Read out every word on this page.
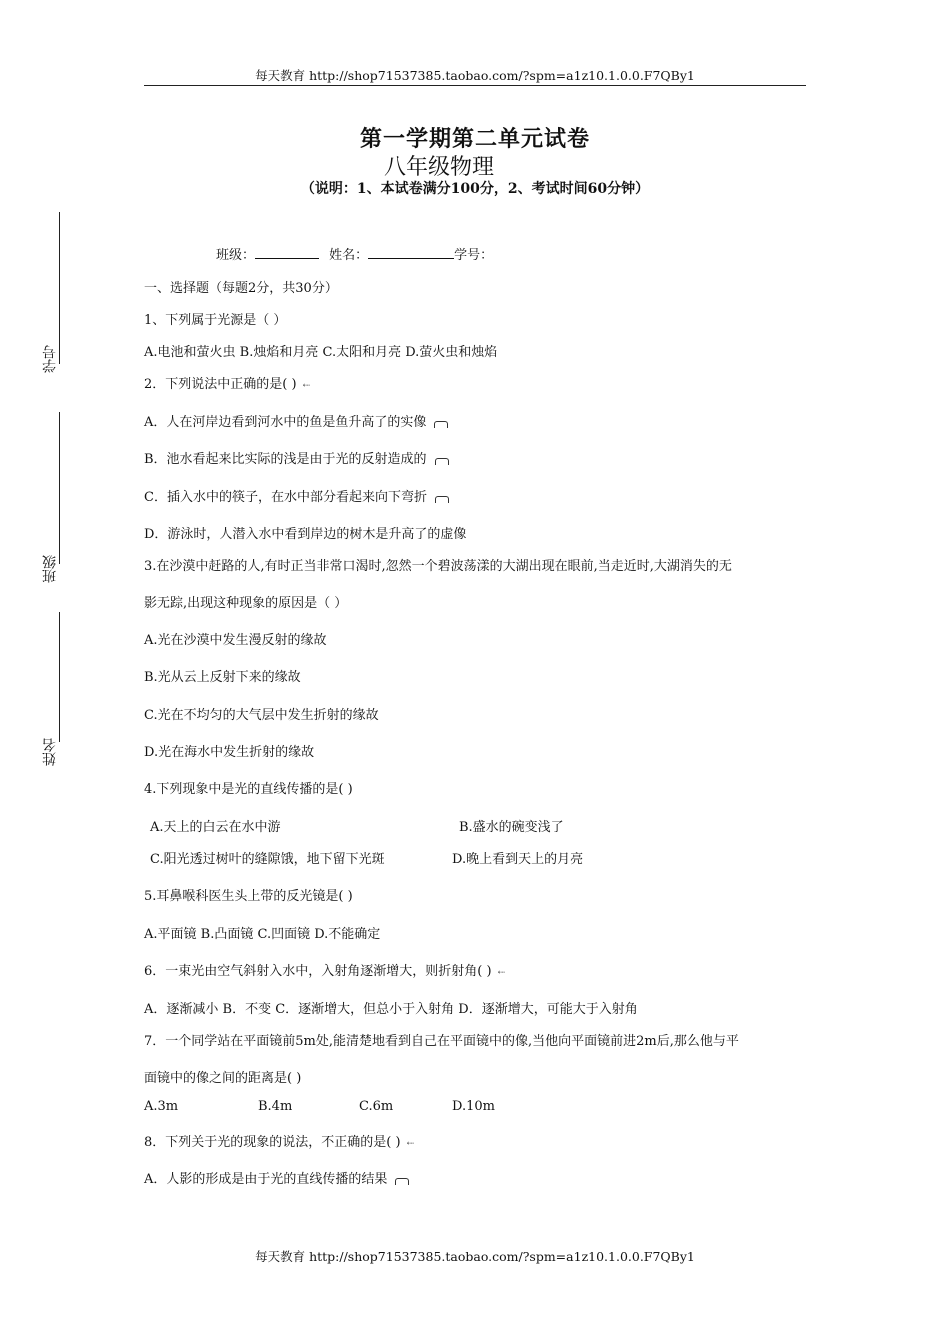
每天教育 http://shop71537385.taobao.com/?spm=a1z10.1.0.0.F7QBy1
学号
班级
姓名
第一学期第二单元试卷
八年级物理
（说明：1、本试卷满分100分，2、考试时间60分钟）
班级：	姓名：	学号：
一、选择题（每题2分，共30分）
1、下列属于光源是（ ）
A.电池和萤火虫 B.烛焰和月亮 C.太阳和月亮 D.萤火虫和烛焰
2．下列说法中正确的是( ) ⇠
A．人在河岸边看到河水中的鱼是鱼升高了的实像
B．池水看起来比实际的浅是由于光的反射造成的
C．插入水中的筷子，在水中部分看起来向下弯折
D．游泳时，人潜入水中看到岸边的树木是升高了的虚像
3.在沙漠中赶路的人,有时正当非常口渴时,忽然一个碧波荡漾的大湖出现在眼前,当走近时,大湖消失的无
影无踪,出现这种现象的原因是（ ）
A.光在沙漠中发生漫反射的缘故
B.光从云上反射下来的缘故
C.光在不均匀的大气层中发生折射的缘故
D.光在海水中发生折射的缘故
4.下列现象中是光的直线传播的是( )
A.天上的白云在水中游	B.盛水的碗变浅了
C.阳光透过树叶的缝隙饿，地下留下光斑	D.晚上看到天上的月亮
5.耳鼻喉科医生头上带的反光镜是( )
A.平面镜 B.凸面镜 C.凹面镜 D.不能确定
6．一束光由空气斜射入水中，入射角逐渐增大，则折射角( ) ⇠
A．逐渐减小 B．不变 C．逐渐增大，但总小于入射角 D．逐渐增大，可能大于入射角
7．一个同学站在平面镜前5m处,能清楚地看到自己在平面镜中的像,当他向平面镜前进2m后,那么他与平
面镜中的像之间的距离是( )
A.3m	B.4m	C.6m	D.10m
8．下列关于光的现象的说法，不正确的是( ) ⇠
A．人影的形成是由于光的直线传播的结果
每天教育 http://shop71537385.taobao.com/?spm=a1z10.1.0.0.F7QBy1
